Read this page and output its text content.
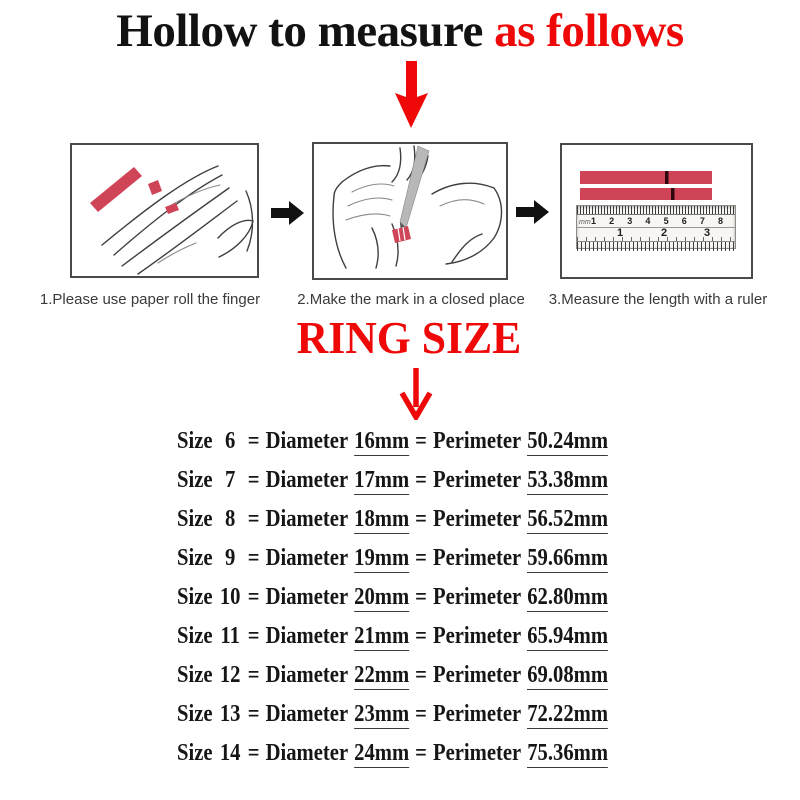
Hollow to measure as follows
mm 1 2 3 4 5 6 7 8
1	2	3
1.Please use paper roll the finger	2.Make the mark in a closed place	3.Measure the length with a ruler
RING SIZE
Size 6 = Diameter 16mm = Perimeter 50.24mm
Size 7 = Diameter 17mm = Perimeter 53.38mm
Size 8 = Diameter 18mm = Perimeter 56.52mm
Size 9 = Diameter 19mm = Perimeter 59.66mm
Size 10 = Diameter 20mm = Perimeter 62.80mm
Size 11 = Diameter 21mm = Perimeter 65.94mm
Size 12 = Diameter 22mm = Perimeter 69.08mm
Size 13 = Diameter 23mm = Perimeter 72.22mm
Size 14 = Diameter 24mm = Perimeter 75.36mm
